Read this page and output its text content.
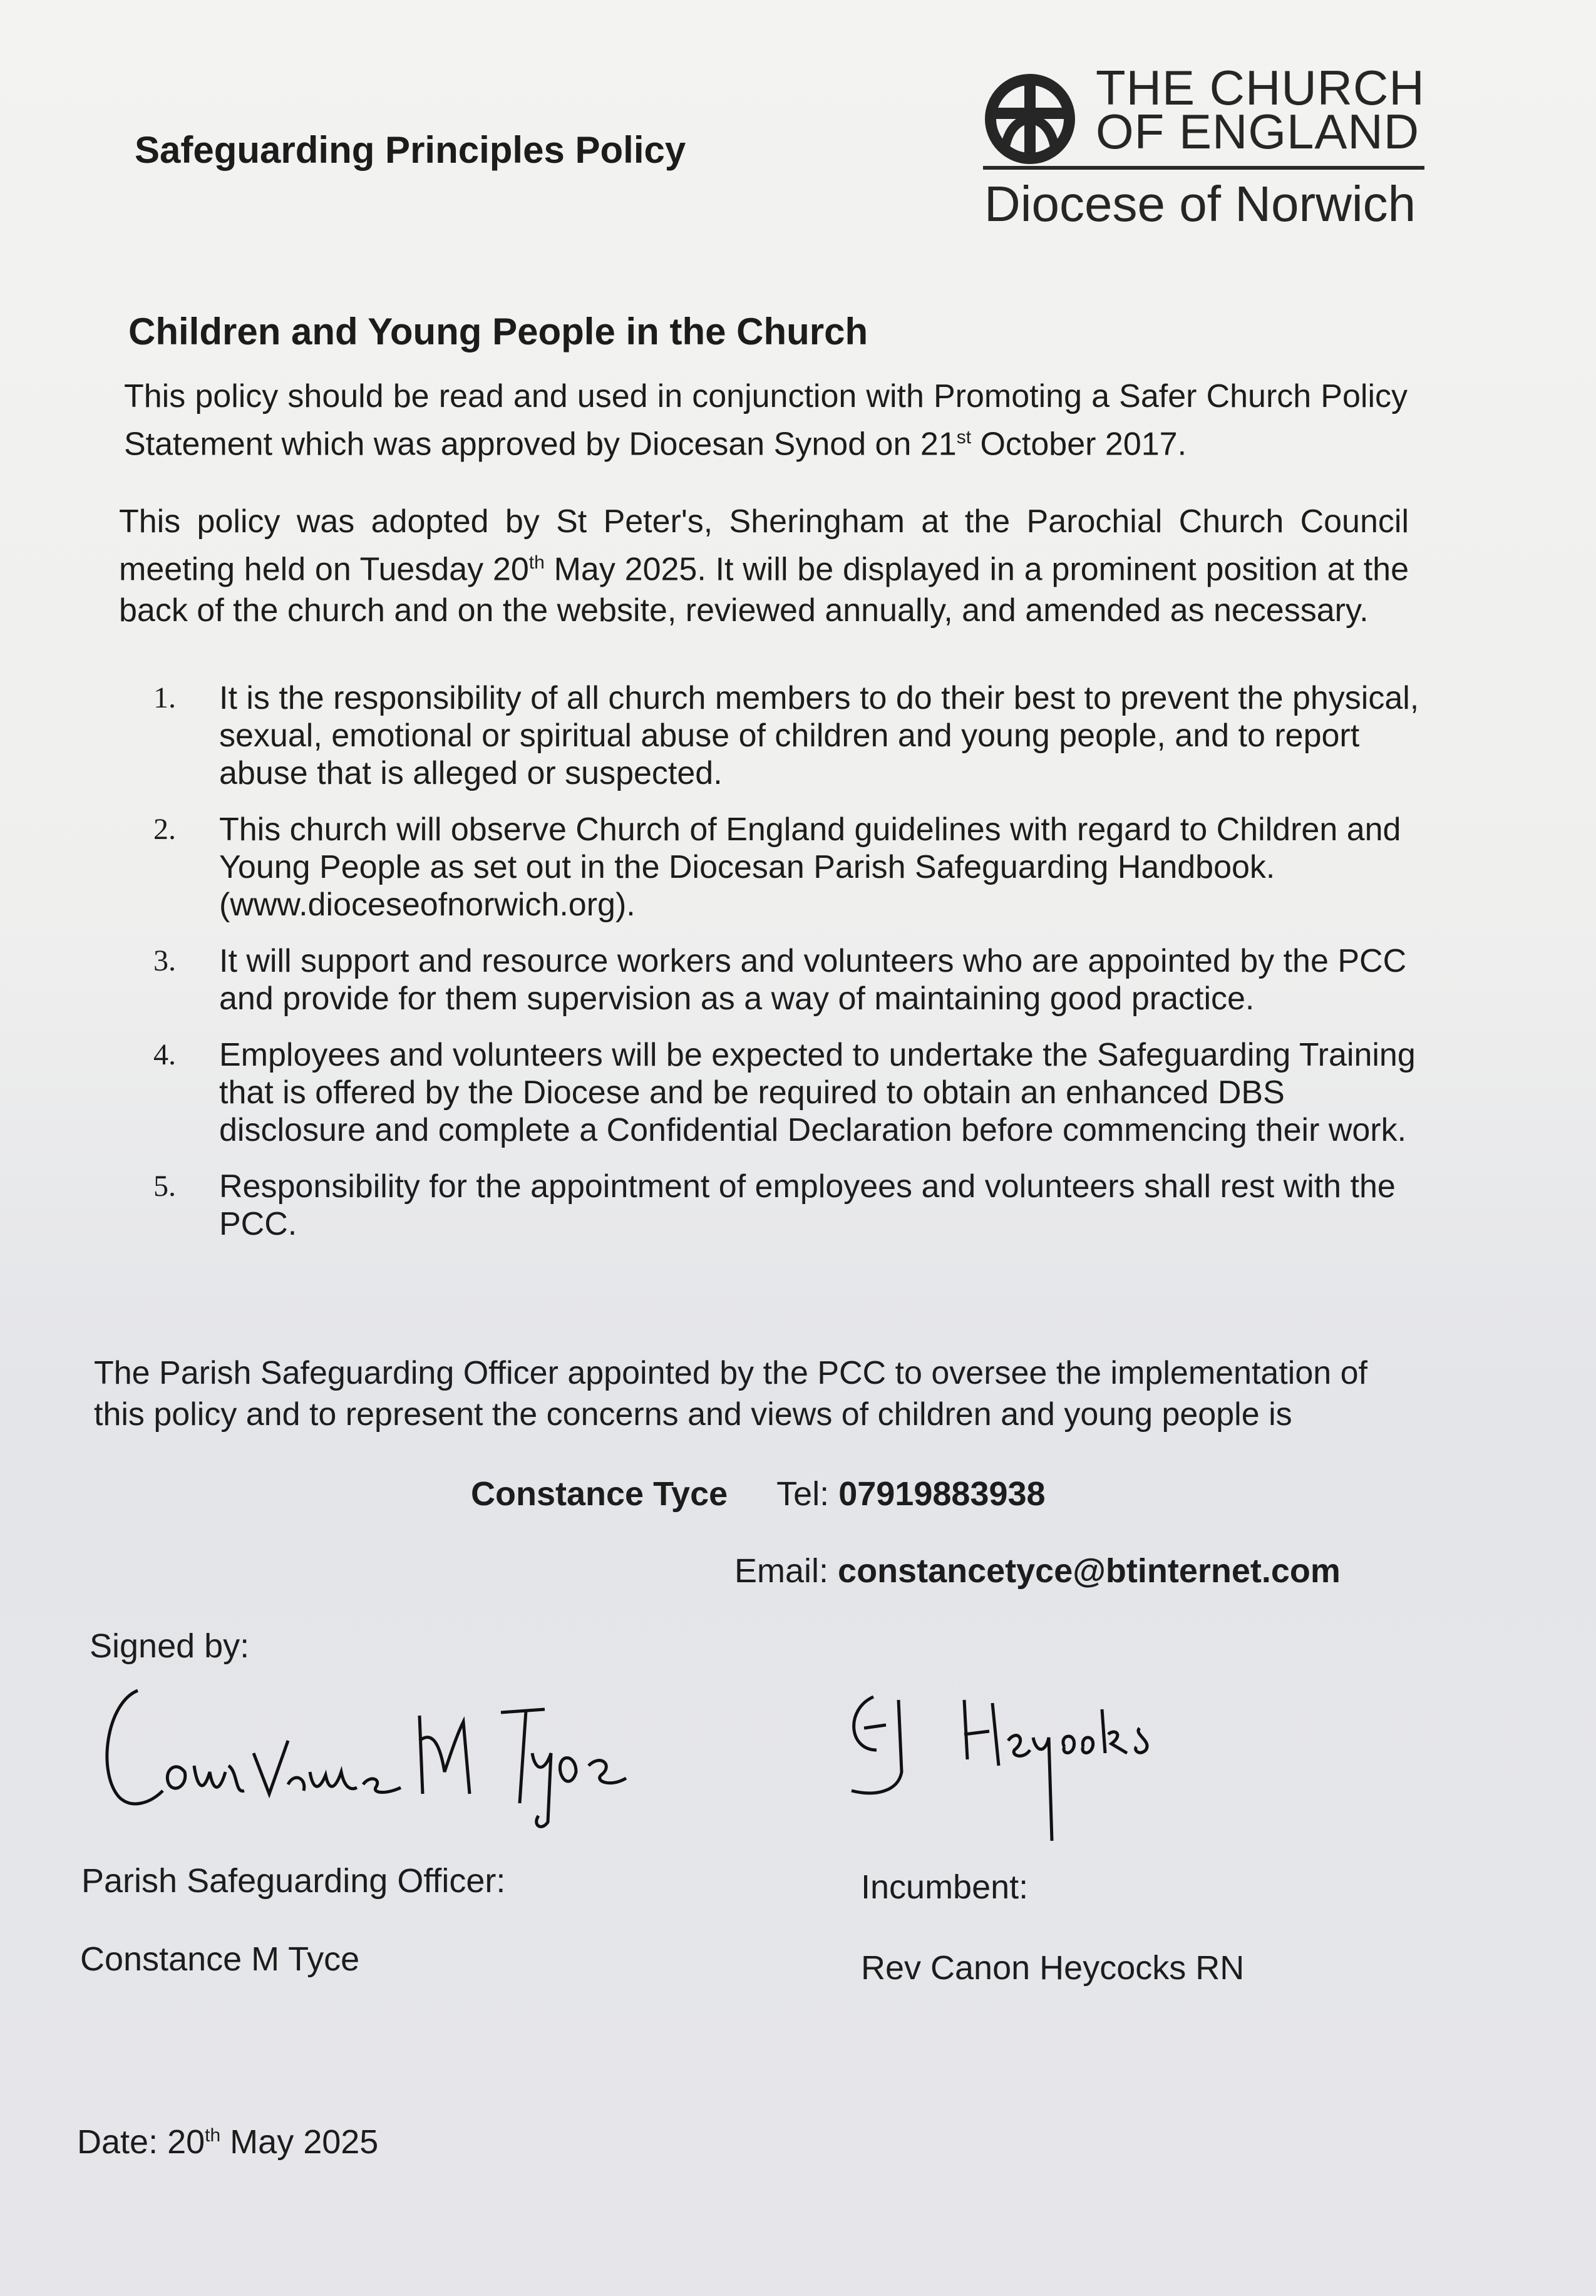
Safeguarding Principles Policy
THE CHURCH
OF ENGLAND
Diocese of Norwich
Children and Young People in the Church
This policy should be read and used in conjunction with Promoting a Safer Church Policy Statement which was approved by Diocesan Synod on 21st October 2017.
This policy was adopted by St Peter's, Sheringham at the Parochial Church Council meeting held on Tuesday 20th May 2025. It will be displayed in a prominent position at the back of the church and on the website, reviewed annually, and amended as necessary.
1.	It is the responsibility of all church members to do their best to prevent the physical, sexual, emotional or spiritual abuse of children and young people, and to report abuse that is alleged or suspected.
2.	This church will observe Church of England guidelines with regard to Children and Young People as set out in the Diocesan Parish Safeguarding Handbook. (www.dioceseofnorwich.org).
3.	It will support and resource workers and volunteers who are appointed by the PCC and provide for them supervision as a way of maintaining good practice.
4.	Employees and volunteers will be expected to undertake the Safeguarding Training that is offered by the Diocese and be required to obtain an enhanced DBS disclosure and complete a Confidential Declaration before commencing their work.
5.	Responsibility for the appointment of employees and volunteers shall rest with the PCC.
The Parish Safeguarding Officer appointed by the PCC to oversee the implementation of this policy and to represent the concerns and views of children and young people is
Constance Tyce Tel: 07919883938
Email: constancetyce@btinternet.com
Signed by:
Parish Safeguarding Officer:	Incumbent:
Constance M Tyce	Rev Canon Heycocks RN
Date: 20th May 2025
